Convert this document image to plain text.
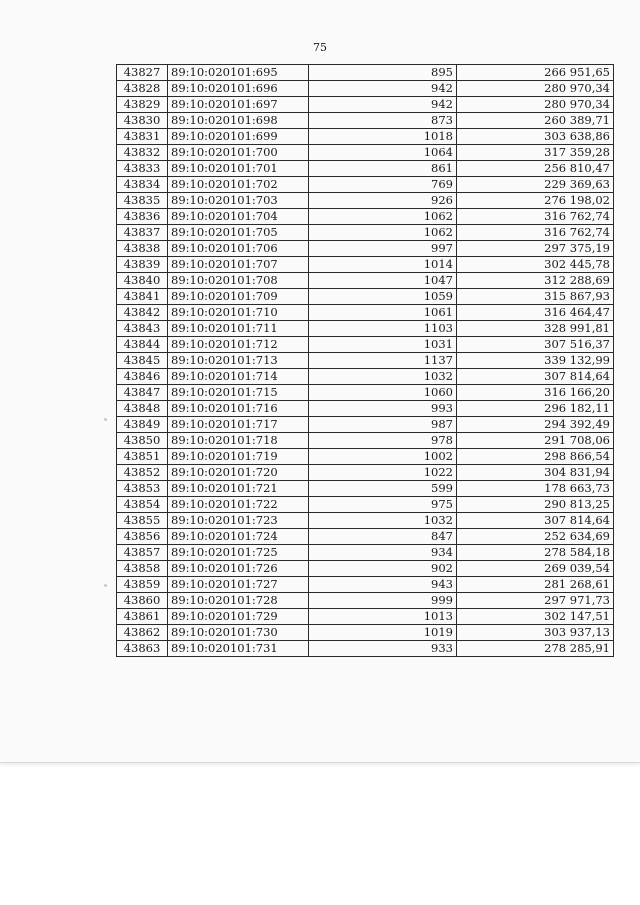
75
43827	89:10:020101:695	895	266 951,65
43828	89:10:020101:696	942	280 970,34
43829	89:10:020101:697	942	280 970,34
43830	89:10:020101:698	873	260 389,71
43831	89:10:020101:699	1018	303 638,86
43832	89:10:020101:700	1064	317 359,28
43833	89:10:020101:701	861	256 810,47
43834	89:10:020101:702	769	229 369,63
43835	89:10:020101:703	926	276 198,02
43836	89:10:020101:704	1062	316 762,74
43837	89:10:020101:705	1062	316 762,74
43838	89:10:020101:706	997	297 375,19
43839	89:10:020101:707	1014	302 445,78
43840	89:10:020101:708	1047	312 288,69
43841	89:10:020101:709	1059	315 867,93
43842	89:10:020101:710	1061	316 464,47
43843	89:10:020101:711	1103	328 991,81
43844	89:10:020101:712	1031	307 516,37
43845	89:10:020101:713	1137	339 132,99
43846	89:10:020101:714	1032	307 814,64
43847	89:10:020101:715	1060	316 166,20
43848	89:10:020101:716	993	296 182,11
43849	89:10:020101:717	987	294 392,49
43850	89:10:020101:718	978	291 708,06
43851	89:10:020101:719	1002	298 866,54
43852	89:10:020101:720	1022	304 831,94
43853	89:10:020101:721	599	178 663,73
43854	89:10:020101:722	975	290 813,25
43855	89:10:020101:723	1032	307 814,64
43856	89:10:020101:724	847	252 634,69
43857	89:10:020101:725	934	278 584,18
43858	89:10:020101:726	902	269 039,54
43859	89:10:020101:727	943	281 268,61
43860	89:10:020101:728	999	297 971,73
43861	89:10:020101:729	1013	302 147,51
43862	89:10:020101:730	1019	303 937,13
43863	89:10:020101:731	933	278 285,91
